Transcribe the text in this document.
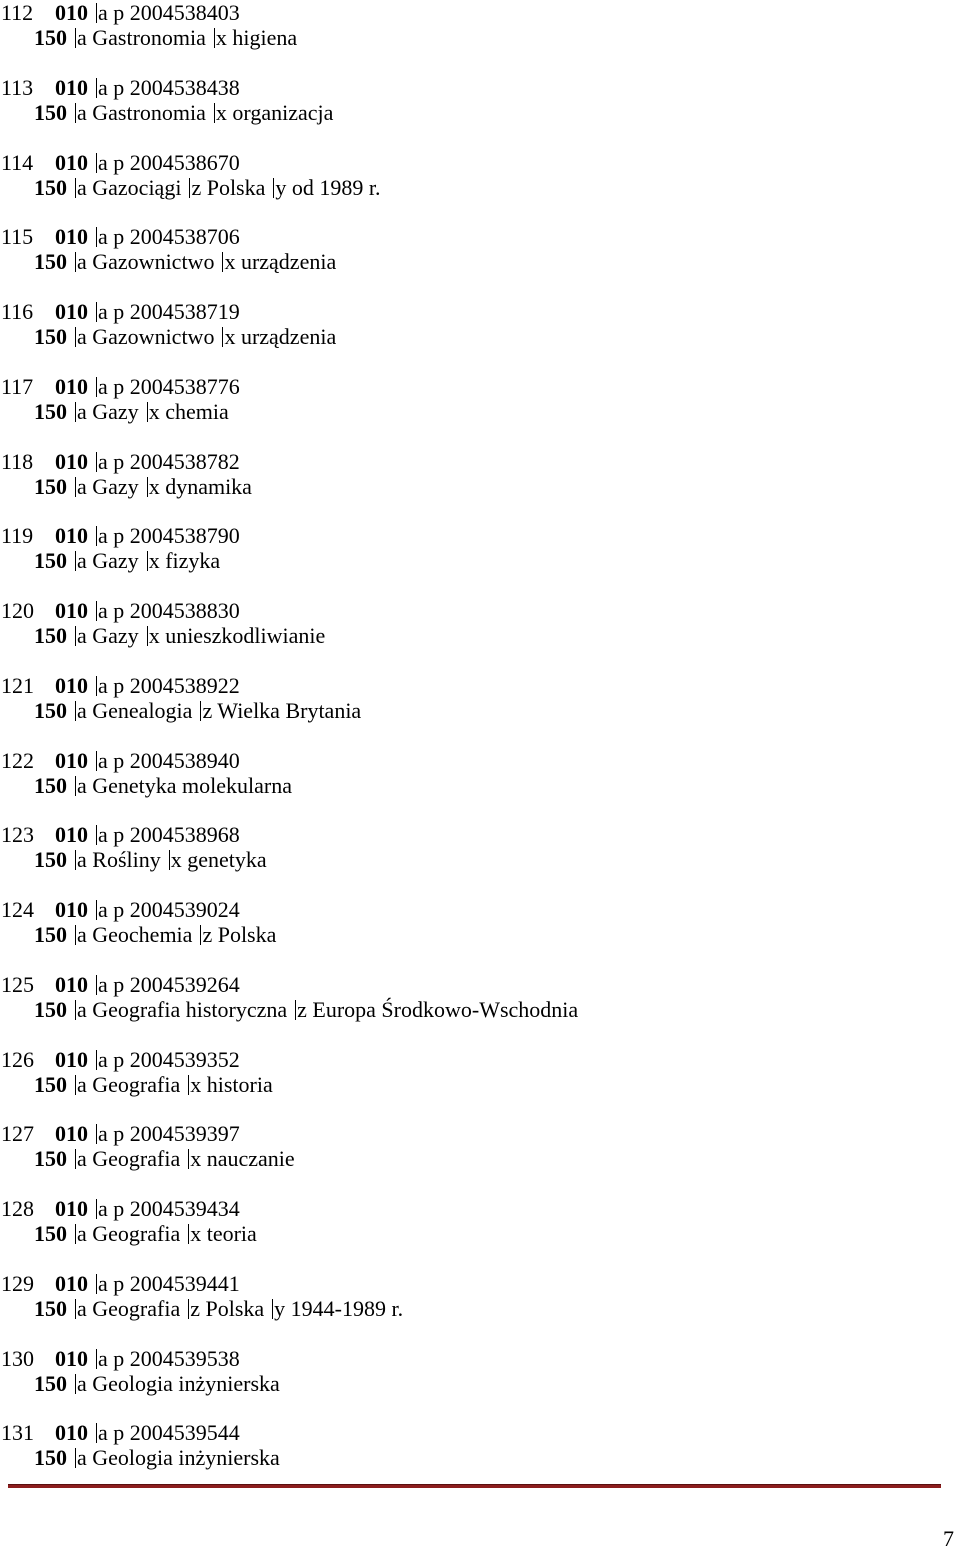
112 010 a p 2004538403
150 a Gastronomia x higiena
113 010 a p 2004538438
150 a Gastronomia x organizacja
114 010 a p 2004538670
150 a Gazociągi z Polska y od 1989 r.
115 010 a p 2004538706
150 a Gazownictwo x urządzenia
116 010 a p 2004538719
150 a Gazownictwo x urządzenia
117 010 a p 2004538776
150 a Gazy x chemia
118 010 a p 2004538782
150 a Gazy x dynamika
119 010 a p 2004538790
150 a Gazy x fizyka
120 010 a p 2004538830
150 a Gazy x unieszkodliwianie
121 010 a p 2004538922
150 a Genealogia z Wielka Brytania
122 010 a p 2004538940
150 a Genetyka molekularna
123 010 a p 2004538968
150 a Rośliny x genetyka
124 010 a p 2004539024
150 a Geochemia z Polska
125 010 a p 2004539264
150 a Geografia historyczna z Europa Środkowo-Wschodnia
126 010 a p 2004539352
150 a Geografia x historia
127 010 a p 2004539397
150 a Geografia x nauczanie
128 010 a p 2004539434
150 a Geografia x teoria
129 010 a p 2004539441
150 a Geografia z Polska y 1944-1989 r.
130 010 a p 2004539538
150 a Geologia inżynierska
131 010 a p 2004539544
150 a Geologia inżynierska
7
